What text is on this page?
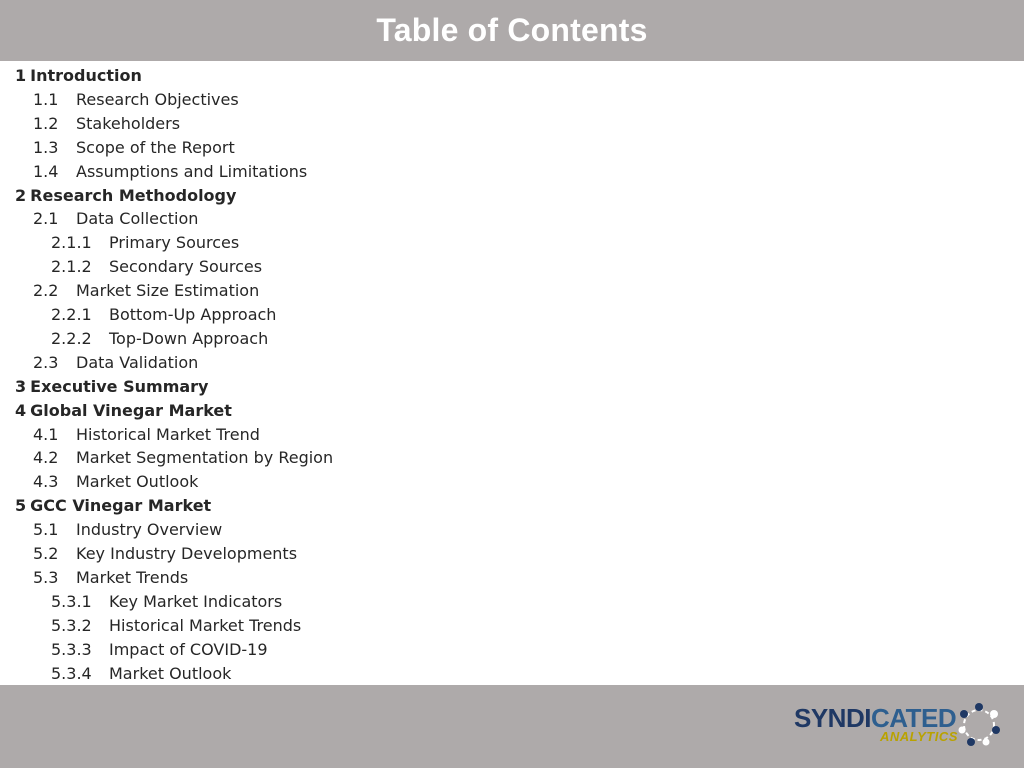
Table of Contents
1 Introduction
1.1 Research Objectives
1.2 Stakeholders
1.3 Scope of the Report
1.4 Assumptions and Limitations
2 Research Methodology
2.1 Data Collection
2.1.1 Primary Sources
2.1.2 Secondary Sources
2.2 Market Size Estimation
2.2.1 Bottom-Up Approach
2.2.2 Top-Down Approach
2.3 Data Validation
3 Executive Summary
4 Global Vinegar Market
4.1 Historical Market Trend
4.2 Market Segmentation by Region
4.3 Market Outlook
5 GCC Vinegar Market
5.1 Industry Overview
5.2 Key Industry Developments
5.3 Market Trends
5.3.1 Key Market Indicators
5.3.2 Historical Market Trends
5.3.3 Impact of COVID-19
5.3.4 Market Outlook
SYNDICATED
ANALYTICS
